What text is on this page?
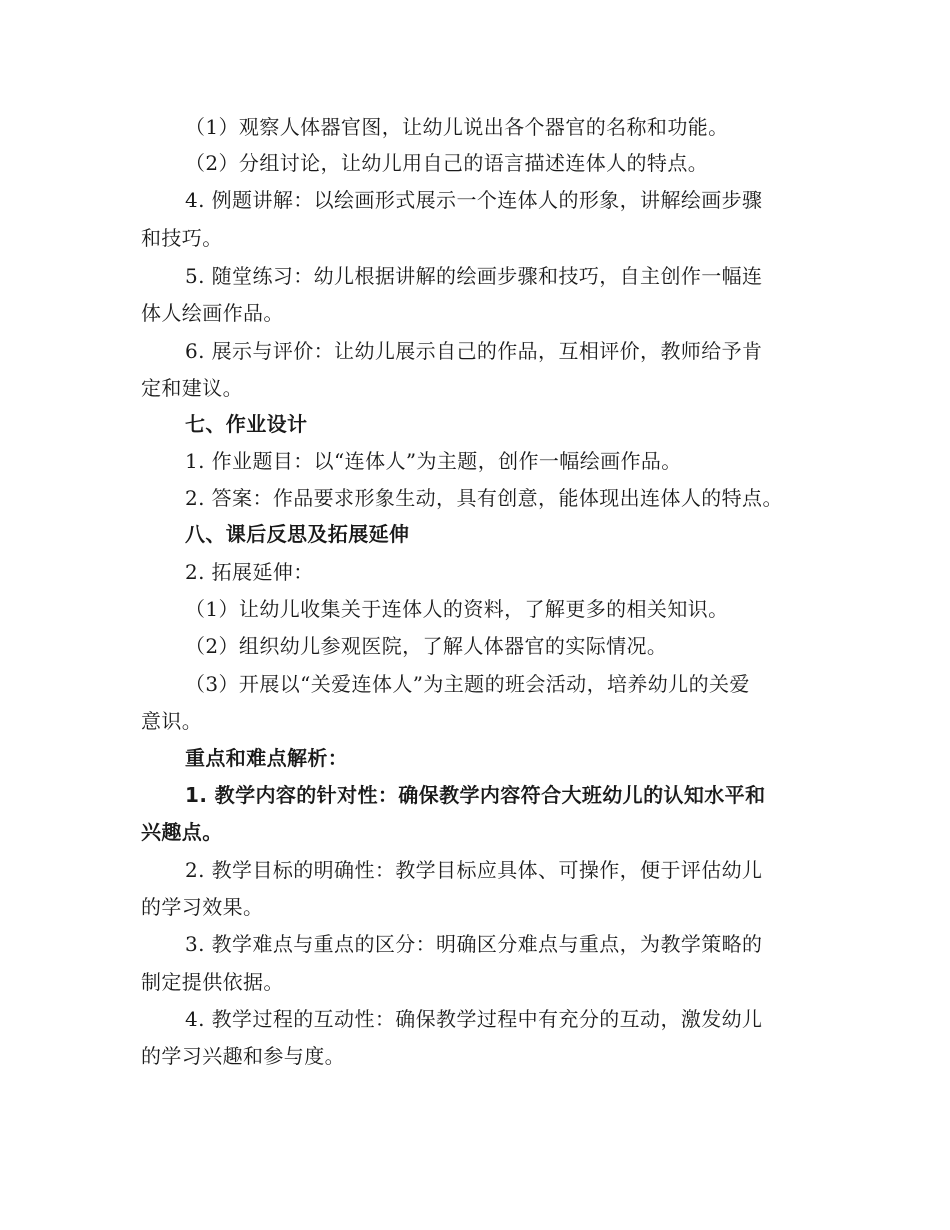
（1）观察人体器官图，让幼儿说出各个器官的名称和功能。
（2）分组讨论，让幼儿用自己的语言描述连体人的特点。
4. 例题讲解：以绘画形式展示一个连体人的形象，讲解绘画步骤
和技巧。
5. 随堂练习：幼儿根据讲解的绘画步骤和技巧，自主创作一幅连
体人绘画作品。
6. 展示与评价：让幼儿展示自己的作品，互相评价，教师给予肯
定和建议。
七、作业设计
1. 作业题目：以“连体人”为主题，创作一幅绘画作品。
2. 答案：作品要求形象生动，具有创意，能体现出连体人的特点。
八、课后反思及拓展延伸
2. 拓展延伸：
（1）让幼儿收集关于连体人的资料，了解更多的相关知识。
（2）组织幼儿参观医院，了解人体器官的实际情况。
（3）开展以“关爱连体人”为主题的班会活动，培养幼儿的关爱
意识。
重点和难点解析：
1. 教学内容的针对性：确保教学内容符合大班幼儿的认知水平和
兴趣点。
2. 教学目标的明确性：教学目标应具体、可操作，便于评估幼儿
的学习效果。
3. 教学难点与重点的区分：明确区分难点与重点，为教学策略的
制定提供依据。
4. 教学过程的互动性：确保教学过程中有充分的互动，激发幼儿
的学习兴趣和参与度。
